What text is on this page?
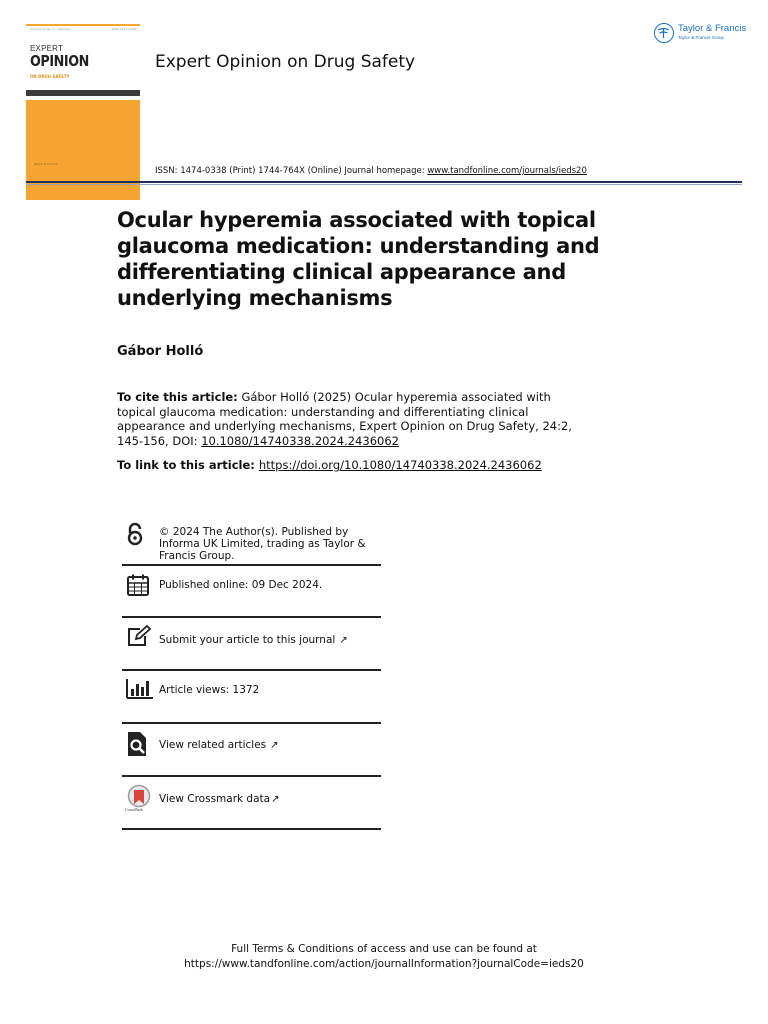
Volume 24 No. 2 · February	ISSN 1474-0338
EXPERT
OPINION
ON DRUG SAFETY
Taylor & Francis
Expert Opinion on Drug Safety
Taylor & Francis
Taylor & Francis Group
ISSN: 1474-0338 (Print) 1744-764X (Online) Journal homepage: www.tandfonline.com/journals/ieds20
Ocular hyperemia associated with topical glaucoma medication: understanding and differentiating clinical appearance and underlying mechanisms
Gábor Holló
To cite this article: Gábor Holló (2025) Ocular hyperemia associated with topical glaucoma medication: understanding and differentiating clinical appearance and underlying mechanisms, Expert Opinion on Drug Safety, 24:2, 145-156, DOI: 10.1080/14740338.2024.2436062
To link to this article: https://doi.org/10.1080/14740338.2024.2436062
© 2024 The Author(s). Published by Informa UK Limited, trading as Taylor & Francis Group.
Published online: 09 Dec 2024.
Submit your article to this journal ↗
Article views: 1372
View related articles ↗
CrossMark
View Crossmark data↗
Full Terms & Conditions of access and use can be found at
https://www.tandfonline.com/action/journalInformation?journalCode=ieds20
